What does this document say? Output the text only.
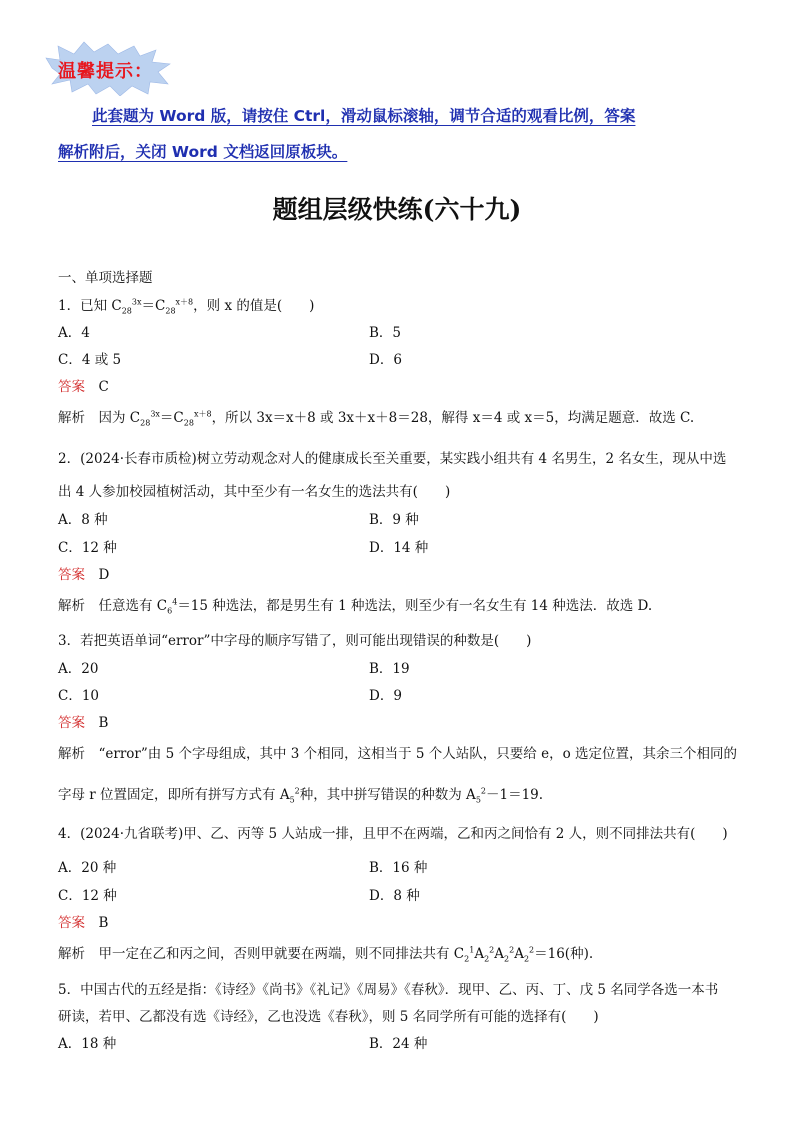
温馨提示：
此套题为 Word 版，请按住 Ctrl，滑动鼠标滚轴，调节合适的观看比例，答案
解析附后，关闭 Word 文档返回原板块。
题组层级快练(六十九)
一、单项选择题
1．已知 $C_{28}^{3x}=C_{28}^{x+8}$，则 x 的值是(　　)
A．4	B．5
C．4 或 5	D．6
答案　 C
解析　 因为 $C_{28}^{3x}=C_{28}^{x+8}$，所以 3x＝x＋8 或 3x＋x＋8＝28，解得 x＝4 或 x＝5，均满足题意．故选 C.
2．(2024·长春市质检)树立劳动观念对人的健康成长至关重要，某实践小组共有 4 名男生，2 名女生，现从中选
出 4 人参加校园植树活动，其中至少有一名女生的选法共有(　　)
A．8 种	B．9 种
C．12 种	D．14 种
答案　 D
解析　 任意选有 $C_6^4=15$ 种选法，都是男生有 1 种选法，则至少有一名女生有 14 种选法．故选 D.
3．若把英语单词“error”中字母的顺序写错了，则可能出现错误的种数是(　　)
A．20	B．19
C．10	D．9
答案　 B
解析　 “error”由 5 个字母组成，其中 3 个相同，这相当于 5 个人站队，只要给 e，o 选定位置，其余三个相同的
字母 r 位置固定，即所有拼写方式有 $A_5^2$种，其中拼写错误的种数为 $A_5^2-1=19$.
4．(2024·九省联考)甲、乙、丙等 5 人站成一排，且甲不在两端，乙和丙之间恰有 2 人，则不同排法共有(　　)
A．20 种	B．16 种
C．12 种	D．8 种
答案　 B
解析　 甲一定在乙和丙之间，否则甲就要在两端，则不同排法共有 $C_2^1A_2^2A_2^2A_2^2=16$(种).
5．中国古代的五经是指：《诗经》《尚书》《礼记》《周易》《春秋》．现甲、乙、丙、丁、戊 5 名同学各选一本书
研读，若甲、乙都没有选《诗经》，乙也没选《春秋》，则 5 名同学所有可能的选择有(　　)
A．18 种	B．24 种
